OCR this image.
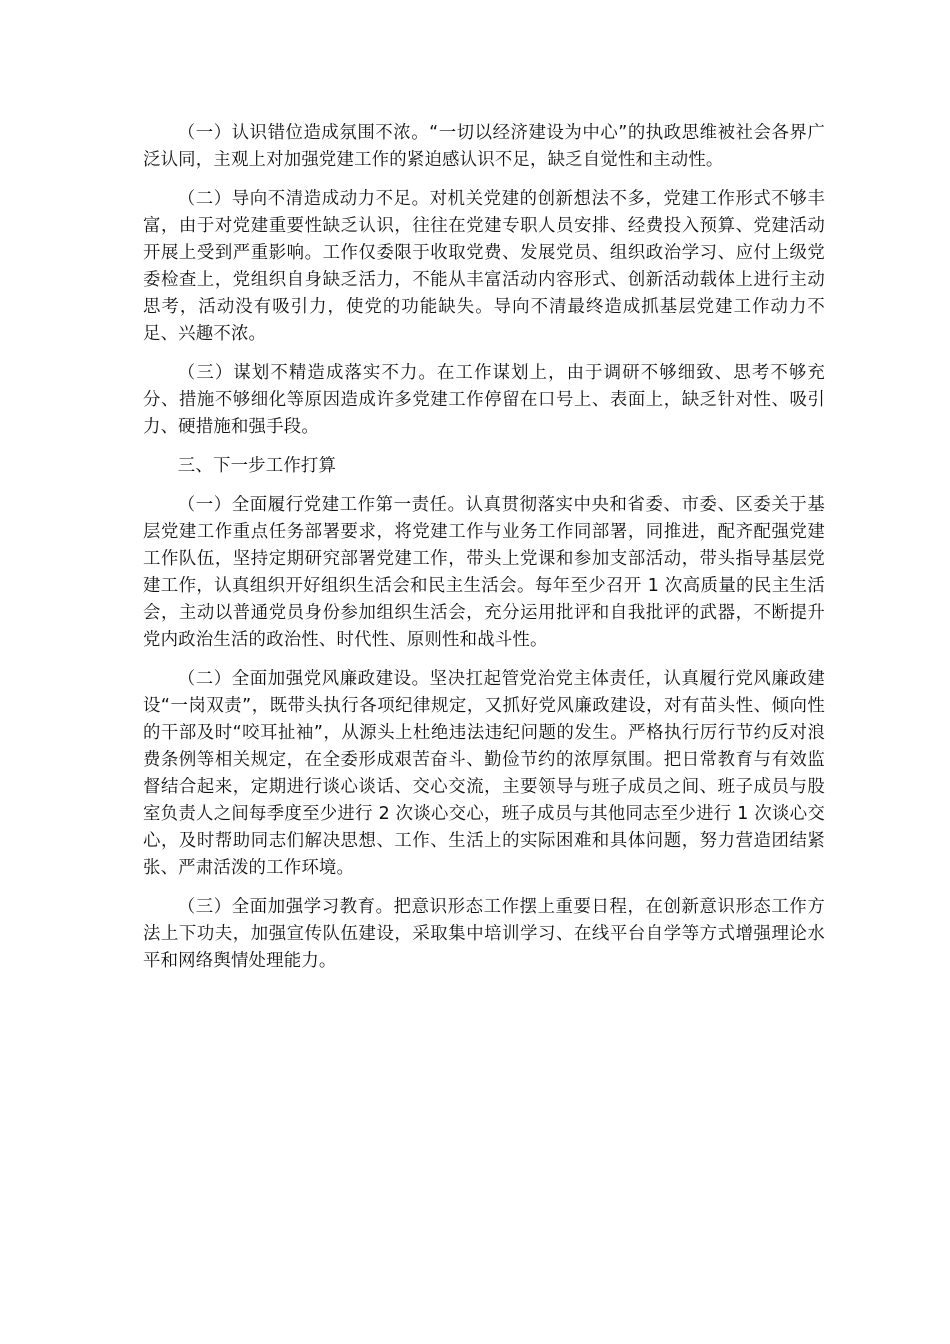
（一）认识错位造成氛围不浓。“一切以经济建设为中心”的执政思维被社会各界广泛认同，主观上对加强党建工作的紧迫感认识不足，缺乏自觉性和主动性。

（二）导向不清造成动力不足。对机关党建的创新想法不多，党建工作形式不够丰富，由于对党建重要性缺乏认识，往往在党建专职人员安排、经费投入预算、党建活动开展上受到严重影响。工作仅委限于收取党费、发展党员、组织政治学习、应付上级党委检查上，党组织自身缺乏活力，不能从丰富活动内容形式、创新活动载体上进行主动思考，活动没有吸引力，使党的功能缺失。导向不清最终造成抓基层党建工作动力不足、兴趣不浓。

（三）谋划不精造成落实不力。在工作谋划上，由于调研不够细致、思考不够充分、措施不够细化等原因造成许多党建工作停留在口号上、表面上，缺乏针对性、吸引力、硬措施和强手段。

三、下一步工作打算

（一）全面履行党建工作第一责任。认真贯彻落实中央和省委、市委、区委关于基层党建工作重点任务部署要求，将党建工作与业务工作同部署，同推进，配齐配强党建工作队伍，坚持定期研究部署党建工作，带头上党课和参加支部活动，带头指导基层党建工作，认真组织开好组织生活会和民主生活会。每年至少召开 1 次高质量的民主生活会，主动以普通党员身份参加组织生活会，充分运用批评和自我批评的武器，不断提升党内政治生活的政治性、时代性、原则性和战斗性。

（二）全面加强党风廉政建设。坚决扛起管党治党主体责任，认真履行党风廉政建设“一岗双责”，既带头执行各项纪律规定，又抓好党风廉政建设，对有苗头性、倾向性的干部及时“咬耳扯袖”，从源头上杜绝违法违纪问题的发生。严格执行厉行节约反对浪费条例等相关规定，在全委形成艰苦奋斗、勤俭节约的浓厚氛围。把日常教育与有效监督结合起来，定期进行谈心谈话、交心交流，主要领导与班子成员之间、班子成员与股室负责人之间每季度至少进行 2 次谈心交心，班子成员与其他同志至少进行 1 次谈心交心，及时帮助同志们解决思想、工作、生活上的实际困难和具体问题，努力营造团结紧张、严肃活泼的工作环境。

（三）全面加强学习教育。把意识形态工作摆上重要日程，在创新意识形态工作方法上下功夫，加强宣传队伍建设，采取集中培训学习、在线平台自学等方式增强理论水平和网络舆情处理能力。
